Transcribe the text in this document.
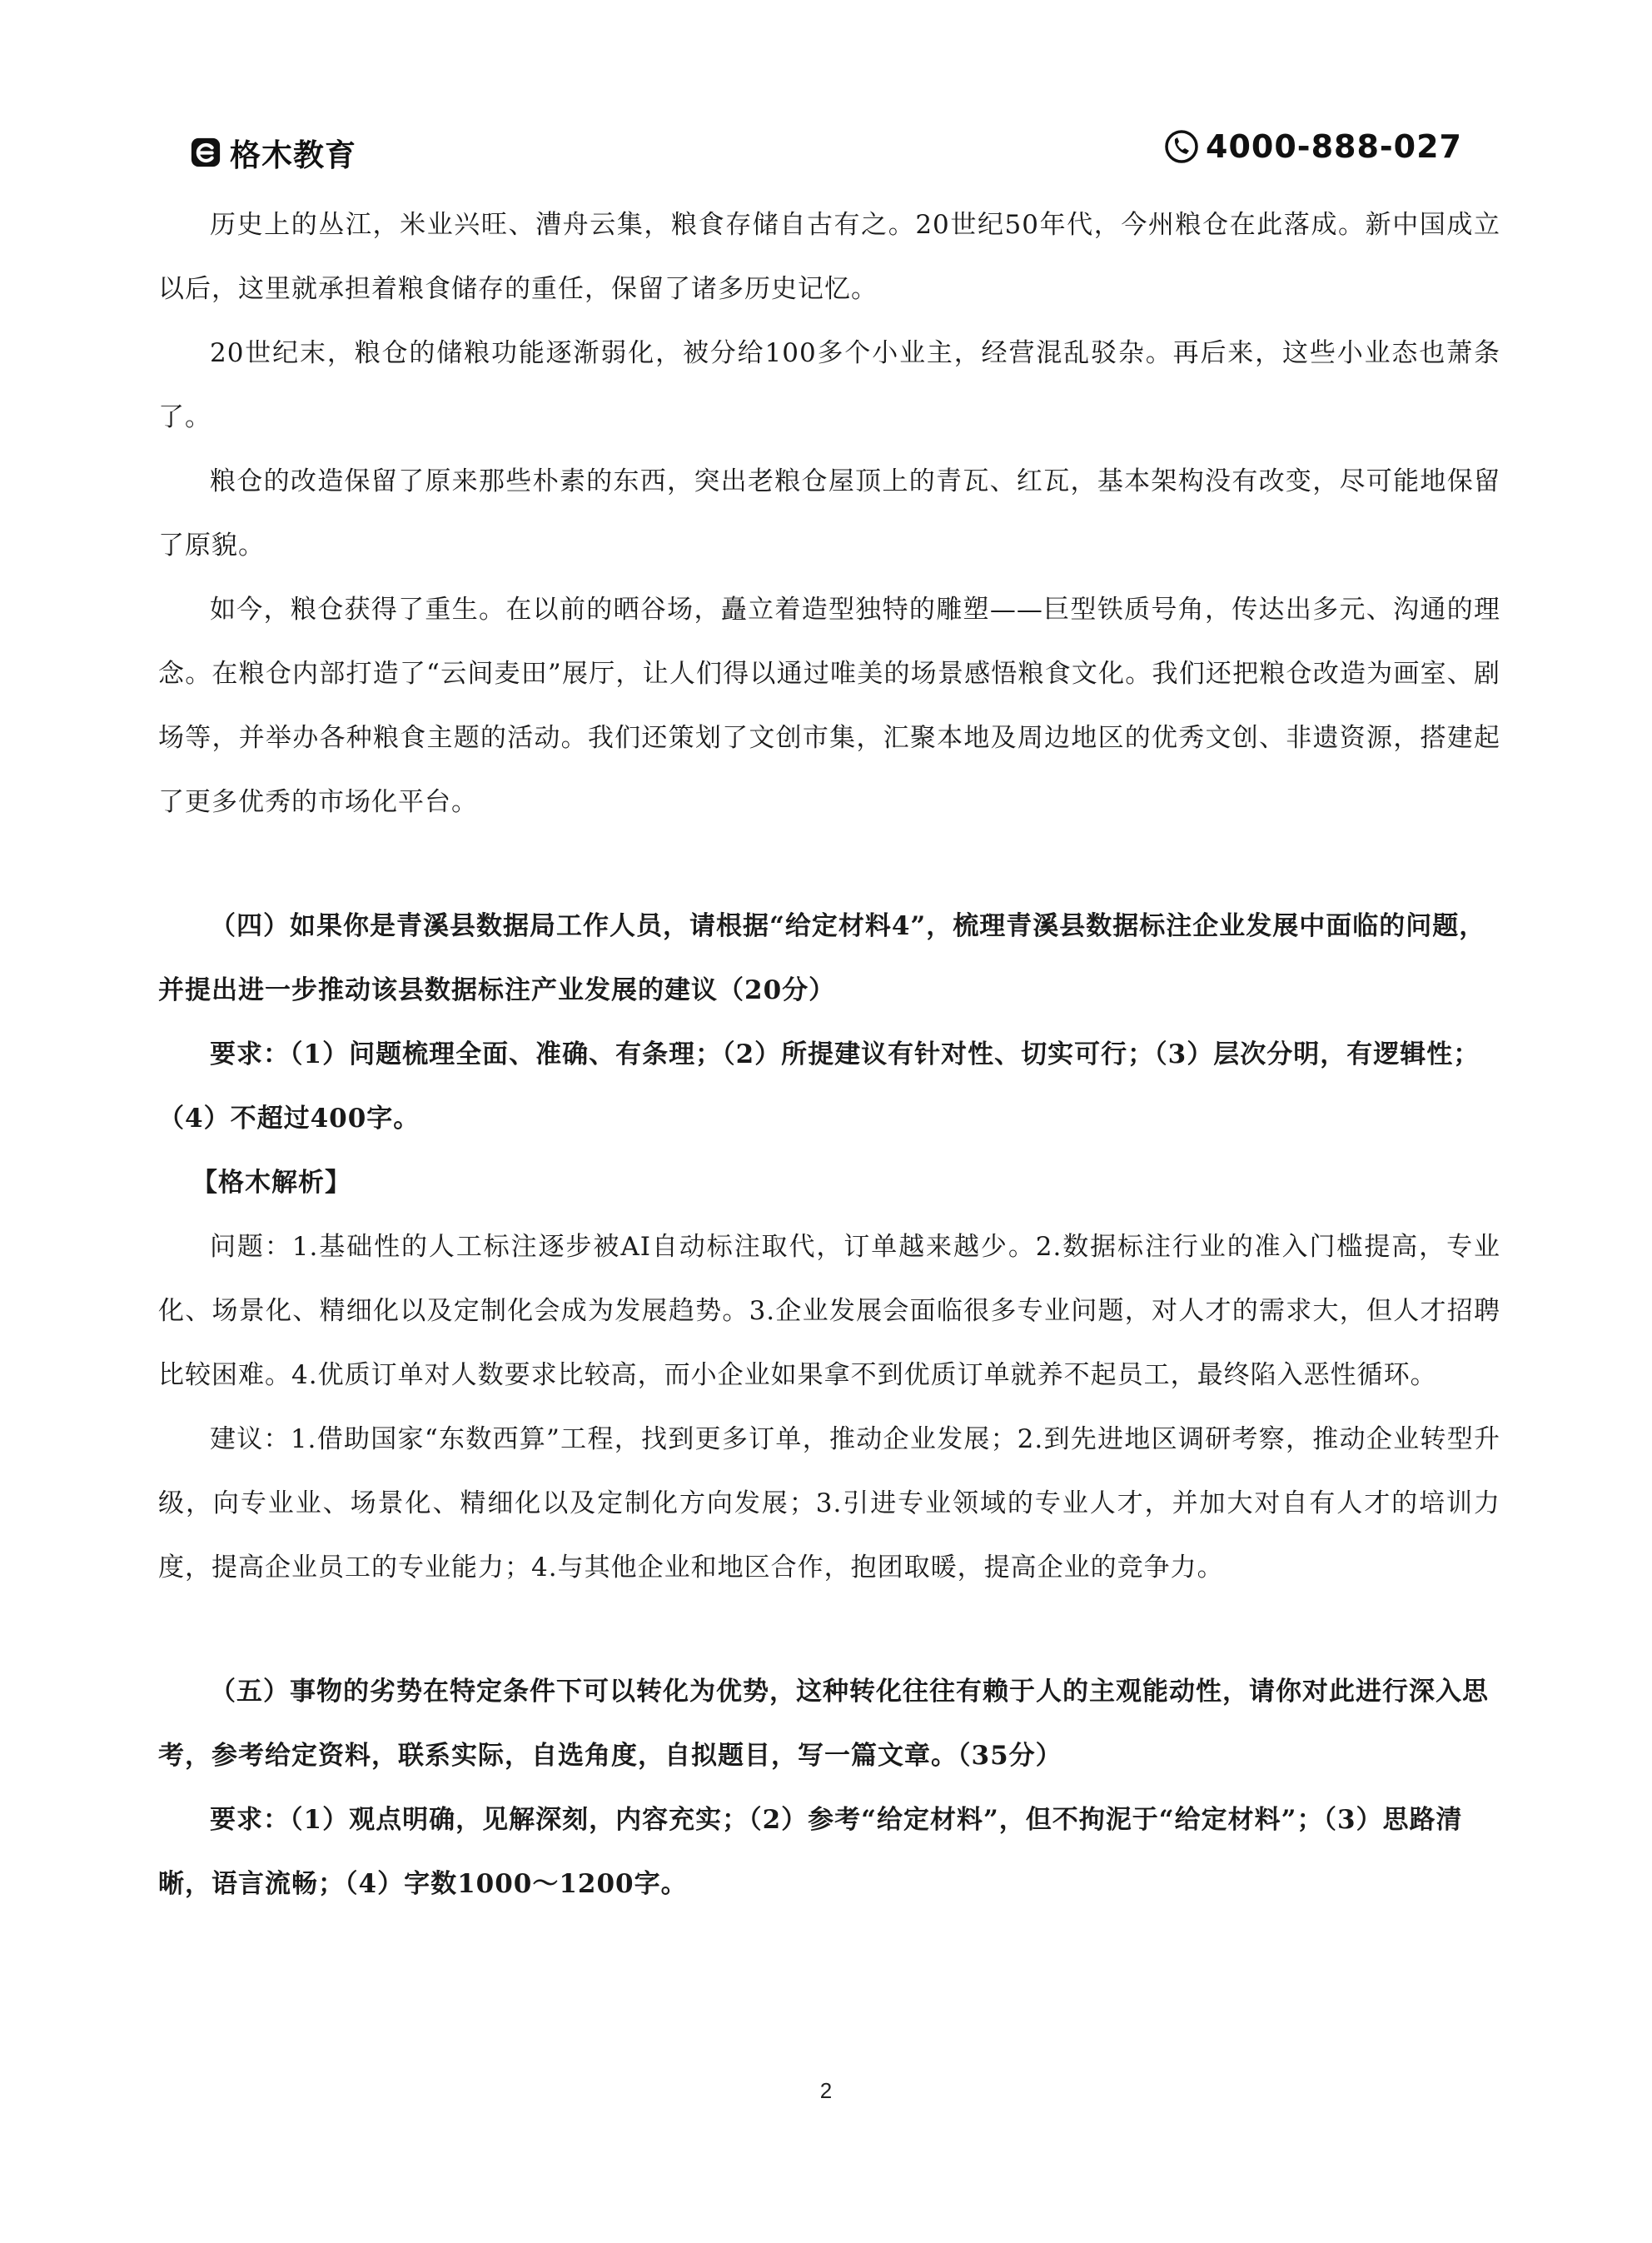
格木教育	4000-888-027

历史上的丛江，米业兴旺、漕舟云集，粮食存储自古有之。20世纪50年代，今州粮仓在此落成。新中国成立以后，这里就承担着粮食储存的重任，保留了诸多历史记忆。

20世纪末，粮仓的储粮功能逐渐弱化，被分给100多个小业主，经营混乱驳杂。再后来，这些小业态也萧条了。

粮仓的改造保留了原来那些朴素的东西，突出老粮仓屋顶上的青瓦、红瓦，基本架构没有改变，尽可能地保留了原貌。

如今，粮仓获得了重生。在以前的晒谷场，矗立着造型独特的雕塑——巨型铁质号角，传达出多元、沟通的理念。在粮仓内部打造了“云间麦田”展厅，让人们得以通过唯美的场景感悟粮食文化。我们还把粮仓改造为画室、剧场等，并举办各种粮食主题的活动。我们还策划了文创市集，汇聚本地及周边地区的优秀文创、非遗资源，搭建起了更多优秀的市场化平台。

（四）如果你是青溪县数据局工作人员，请根据“给定材料4”，梳理青溪县数据标注企业发展中面临的问题，并提出进一步推动该县数据标注产业发展的建议（20分）

要求：（1）问题梳理全面、准确、有条理；（2）所提建议有针对性、切实可行；（3）层次分明，有逻辑性；（4）不超过400字。

【格木解析】

问题：1.基础性的人工标注逐步被AI自动标注取代，订单越来越少。2.数据标注行业的准入门槛提高，专业化、场景化、精细化以及定制化会成为发展趋势。3.企业发展会面临很多专业问题，对人才的需求大，但人才招聘比较困难。4.优质订单对人数要求比较高，而小企业如果拿不到优质订单就养不起员工，最终陷入恶性循环。

建议：1.借助国家“东数西算”工程，找到更多订单，推动企业发展；2.到先进地区调研考察，推动企业转型升级，向专业业、场景化、精细化以及定制化方向发展；3.引进专业领域的专业人才，并加大对自有人才的培训力度，提高企业员工的专业能力；4.与其他企业和地区合作，抱团取暖，提高企业的竞争力。

（五）事物的劣势在特定条件下可以转化为优势，这种转化往往有赖于人的主观能动性，请你对此进行深入思考，参考给定资料，联系实际，自选角度，自拟题目，写一篇文章。（35分）

要求：（1）观点明确，见解深刻，内容充实；（2）参考“给定材料”，但不拘泥于“给定材料”；（3）思路清晰，语言流畅；（4）字数1000～1200字。

2
